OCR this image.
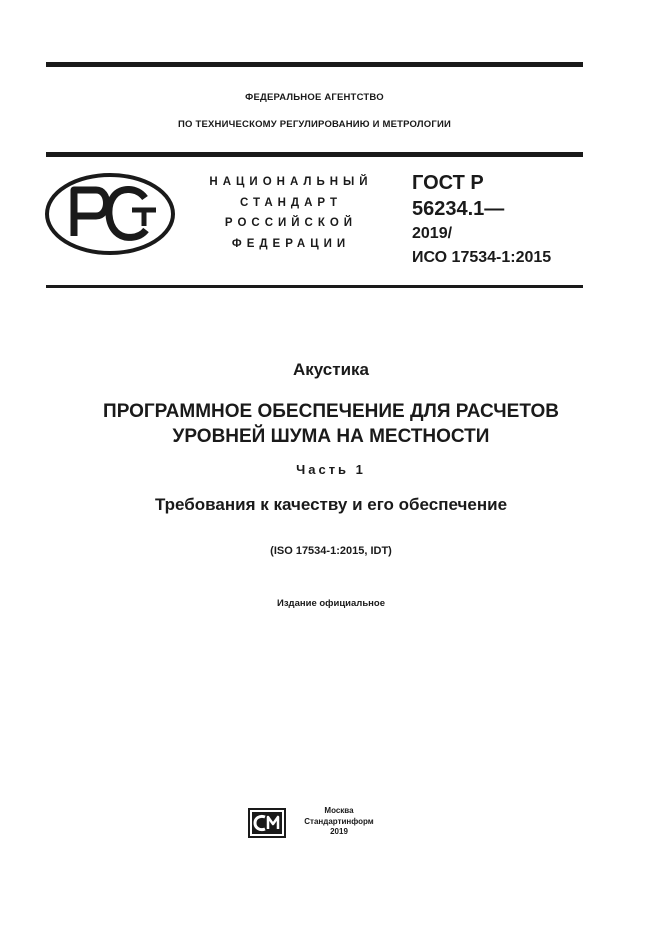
ФЕДЕРАЛЬНОЕ АГЕНТСТВО
ПО ТЕХНИЧЕСКОМУ РЕГУЛИРОВАНИЮ И МЕТРОЛОГИИ
НАЦИОНАЛЬНЫЙ
СТАНДАРТ
РОССИЙСКОЙ
ФЕДЕРАЦИИ
ГОСТ Р
56234.1—
2019/
ИСО 17534-1:2015
Акустика
ПРОГРАММНОЕ ОБЕСПЕЧЕНИЕ ДЛЯ РАСЧЕТОВ
УРОВНЕЙ ШУМА НА МЕСТНОСТИ
Часть 1
Требования к качеству и его обеспечение
(ISO 17534-1:2015, IDT)
Издание официальное
Москва
Стандартинформ
2019
